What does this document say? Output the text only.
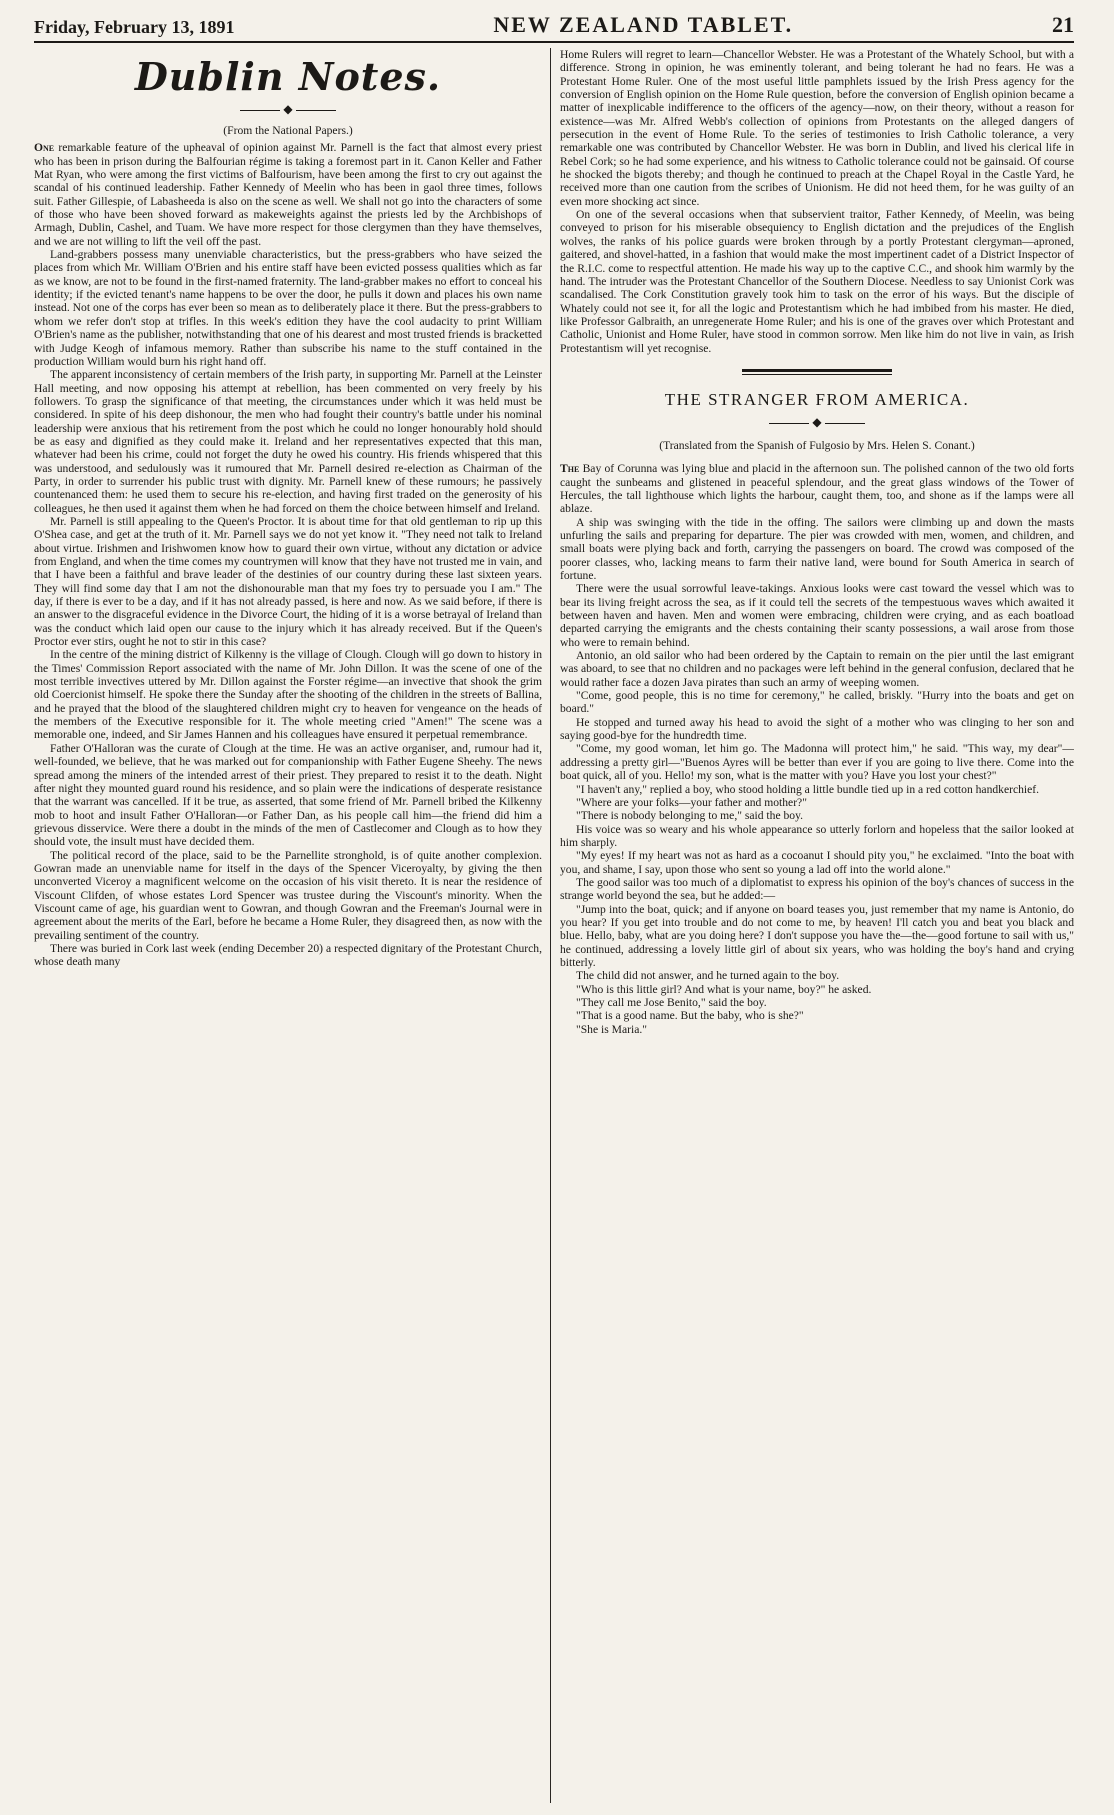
Friday, February 13, 1891	NEW ZEALAND TABLET.	21
Dublin Notes.
◆
(From the National Papers.)

One remarkable feature of the upheaval of opinion against Mr. Parnell is the fact that almost every priest who has been in prison during the Balfourian régime is taking a foremost part in it. Canon Keller and Father Mat Ryan, who were among the first victims of Balfourism, have been among the first to cry out against the scandal of his continued leadership. Father Kennedy of Meelin who has been in gaol three times, follows suit. Father Gillespie, of Labasheeda is also on the scene as well. We shall not go into the characters of some of those who have been shoved forward as makeweights against the priests led by the Archbishops of Armagh, Dublin, Cashel, and Tuam. We have more respect for those clergymen than they have themselves, and we are not willing to lift the veil off the past.

Land-grabbers possess many unenviable characteristics, but the press-grabbers who have seized the places from which Mr. William O'Brien and his entire staff have been evicted possess qualities which as far as we know, are not to be found in the first-named fraternity. The land-grabber makes no effort to conceal his identity; if the evicted tenant's name happens to be over the door, he pulls it down and places his own name instead. Not one of the corps has ever been so mean as to deliberately place it there. But the press-grabbers to whom we refer don't stop at trifles. In this week's edition they have the cool audacity to print William O'Brien's name as the publisher, notwithstanding that one of his dearest and most trusted friends is bracketted with Judge Keogh of infamous memory. Rather than subscribe his name to the stuff contained in the production William would burn his right hand off.

The apparent inconsistency of certain members of the Irish party, in supporting Mr. Parnell at the Leinster Hall meeting, and now opposing his attempt at rebellion, has been commented on very freely by his followers. To grasp the significance of that meeting, the circumstances under which it was held must be considered. In spite of his deep dishonour, the men who had fought their country's battle under his nominal leadership were anxious that his retirement from the post which he could no longer honourably hold should be as easy and dignified as they could make it. Ireland and her representatives expected that this man, whatever had been his crime, could not forget the duty he owed his country. His friends whispered that this was understood, and sedulously was it rumoured that Mr. Parnell desired re-election as Chairman of the Party, in order to surrender his public trust with dignity. Mr. Parnell knew of these rumours; he passively countenanced them: he used them to secure his re-election, and having first traded on the generosity of his colleagues, he then used it against them when he had forced on them the choice between himself and Ireland.

Mr. Parnell is still appealing to the Queen's Proctor. It is about time for that old gentleman to rip up this O'Shea case, and get at the truth of it. Mr. Parnell says we do not yet know it. "They need not talk to Ireland about virtue. Irishmen and Irishwomen know how to guard their own virtue, without any dictation or advice from England, and when the time comes my countrymen will know that they have not trusted me in vain, and that I have been a faithful and brave leader of the destinies of our country during these last sixteen years. They will find some day that I am not the dishonourable man that my foes try to persuade you I am." The day, if there is ever to be a day, and if it has not already passed, is here and now. As we said before, if there is an answer to the disgraceful evidence in the Divorce Court, the hiding of it is a worse betrayal of Ireland than was the conduct which laid open our cause to the injury which it has already received. But if the Queen's Proctor ever stirs, ought he not to stir in this case?

In the centre of the mining district of Kilkenny is the village of Clough. Clough will go down to history in the Times' Commission Report associated with the name of Mr. John Dillon. It was the scene of one of the most terrible invectives uttered by Mr. Dillon against the Forster régime—an invective that shook the grim old Coercionist himself. He spoke there the Sunday after the shooting of the children in the streets of Ballina, and he prayed that the blood of the slaughtered children might cry to heaven for vengeance on the heads of the members of the Executive responsible for it. The whole meeting cried "Amen!" The scene was a memorable one, indeed, and Sir James Hannen and his colleagues have ensured it perpetual remembrance.

Father O'Halloran was the curate of Clough at the time. He was an active organiser, and, rumour had it, well-founded, we believe, that he was marked out for companionship with Father Eugene Sheehy. The news spread among the miners of the intended arrest of their priest. They prepared to resist it to the death. Night after night they mounted guard round his residence, and so plain were the indications of desperate resistance that the warrant was cancelled. If it be true, as asserted, that some friend of Mr. Parnell bribed the Kilkenny mob to hoot and insult Father O'Halloran—or Father Dan, as his people call him—the friend did him a grievous disservice. Were there a doubt in the minds of the men of Castlecomer and Clough as to how they should vote, the insult must have decided them.

The political record of the place, said to be the Parnellite stronghold, is of quite another complexion. Gowran made an unenviable name for itself in the days of the Spencer Viceroyalty, by giving the then unconverted Viceroy a magnificent welcome on the occasion of his visit thereto. It is near the residence of Viscount Clifden, of whose estates Lord Spencer was trustee during the Viscount's minority. When the Viscount came of age, his guardian went to Gowran, and though Gowran and the Freeman's Journal were in agreement about the merits of the Earl, before he became a Home Ruler, they disagreed then, as now with the prevailing sentiment of the country.

There was buried in Cork last week (ending December 20) a respected dignitary of the Protestant Church, whose death many

Home Rulers will regret to learn—Chancellor Webster. He was a Protestant of the Whately School, but with a difference. Strong in opinion, he was eminently tolerant, and being tolerant he had no fears. He was a Protestant Home Ruler. One of the most useful little pamphlets issued by the Irish Press agency for the conversion of English opinion on the Home Rule question, before the conversion of English opinion became a matter of inexplicable indifference to the officers of the agency—now, on their theory, without a reason for existence—was Mr. Alfred Webb's collection of opinions from Protestants on the alleged dangers of persecution in the event of Home Rule. To the series of testimonies to Irish Catholic tolerance, a very remarkable one was contributed by Chancellor Webster. He was born in Dublin, and lived his clerical life in Rebel Cork; so he had some experience, and his witness to Catholic tolerance could not be gainsaid. Of course he shocked the bigots thereby; and though he continued to preach at the Chapel Royal in the Castle Yard, he received more than one caution from the scribes of Unionism. He did not heed them, for he was guilty of an even more shocking act since.

On one of the several occasions when that subservient traitor, Father Kennedy, of Meelin, was being conveyed to prison for his miserable obsequiency to English dictation and the prejudices of the English wolves, the ranks of his police guards were broken through by a portly Protestant clergyman—aproned, gaitered, and shovel-hatted, in a fashion that would make the most impertinent cadet of a District Inspector of the R.I.C. come to respectful attention. He made his way up to the captive C.C., and shook him warmly by the hand. The intruder was the Protestant Chancellor of the Southern Diocese. Needless to say Unionist Cork was scandalised. The Cork Constitution gravely took him to task on the error of his ways. But the disciple of Whately could not see it, for all the logic and Protestantism which he had imbibed from his master. He died, like Professor Galbraith, an unregenerate Home Ruler; and his is one of the graves over which Protestant and Catholic, Unionist and Home Ruler, have stood in common sorrow. Men like him do not live in vain, as Irish Protestantism will yet recognise.

THE STRANGER FROM AMERICA.
◆
(Translated from the Spanish of Fulgosio by Mrs. Helen S. Conant.)

The Bay of Corunna was lying blue and placid in the afternoon sun. The polished cannon of the two old forts caught the sunbeams and glistened in peaceful splendour, and the great glass windows of the Tower of Hercules, the tall lighthouse which lights the harbour, caught them, too, and shone as if the lamps were all ablaze.

A ship was swinging with the tide in the offing. The sailors were climbing up and down the masts unfurling the sails and preparing for departure. The pier was crowded with men, women, and children, and small boats were plying back and forth, carrying the passengers on board. The crowd was composed of the poorer classes, who, lacking means to farm their native land, were bound for South America in search of fortune.

There were the usual sorrowful leave-takings. Anxious looks were cast toward the vessel which was to bear its living freight across the sea, as if it could tell the secrets of the tempestuous waves which awaited it between haven and haven. Men and women were embracing, children were crying, and as each boatload departed carrying the emigrants and the chests containing their scanty possessions, a wail arose from those who were to remain behind.

Antonio, an old sailor who had been ordered by the Captain to remain on the pier until the last emigrant was aboard, to see that no children and no packages were left behind in the general confusion, declared that he would rather face a dozen Java pirates than such an army of weeping women.

"Come, good people, this is no time for ceremony," he called, briskly. "Hurry into the boats and get on board."

He stopped and turned away his head to avoid the sight of a mother who was clinging to her son and saying good-bye for the hundredth time.

"Come, my good woman, let him go. The Madonna will protect him," he said. "This way, my dear"—addressing a pretty girl—"Buenos Ayres will be better than ever if you are going to live there. Come into the boat quick, all of you. Hello! my son, what is the matter with you? Have you lost your chest?"

"I haven't any," replied a boy, who stood holding a little bundle tied up in a red cotton handkerchief.

"Where are your folks—your father and mother?"

"There is nobody belonging to me," said the boy.

His voice was so weary and his whole appearance so utterly forlorn and hopeless that the sailor looked at him sharply.

"My eyes! If my heart was not as hard as a cocoanut I should pity you," he exclaimed. "Into the boat with you, and shame, I say, upon those who sent so young a lad off into the world alone."

The good sailor was too much of a diplomatist to express his opinion of the boy's chances of success in the strange world beyond the sea, but he added:—

"Jump into the boat, quick; and if anyone on board teases you, just remember that my name is Antonio, do you hear? If you get into trouble and do not come to me, by heaven! I'll catch you and beat you black and blue. Hello, baby, what are you doing here? I don't suppose you have the—the—good fortune to sail with us," he continued, addressing a lovely little girl of about six years, who was holding the boy's hand and crying bitterly.

The child did not answer, and he turned again to the boy.

"Who is this little girl? And what is your name, boy?" he asked.

"They call me Jose Benito," said the boy.

"That is a good name. But the baby, who is she?"

"She is Maria."
